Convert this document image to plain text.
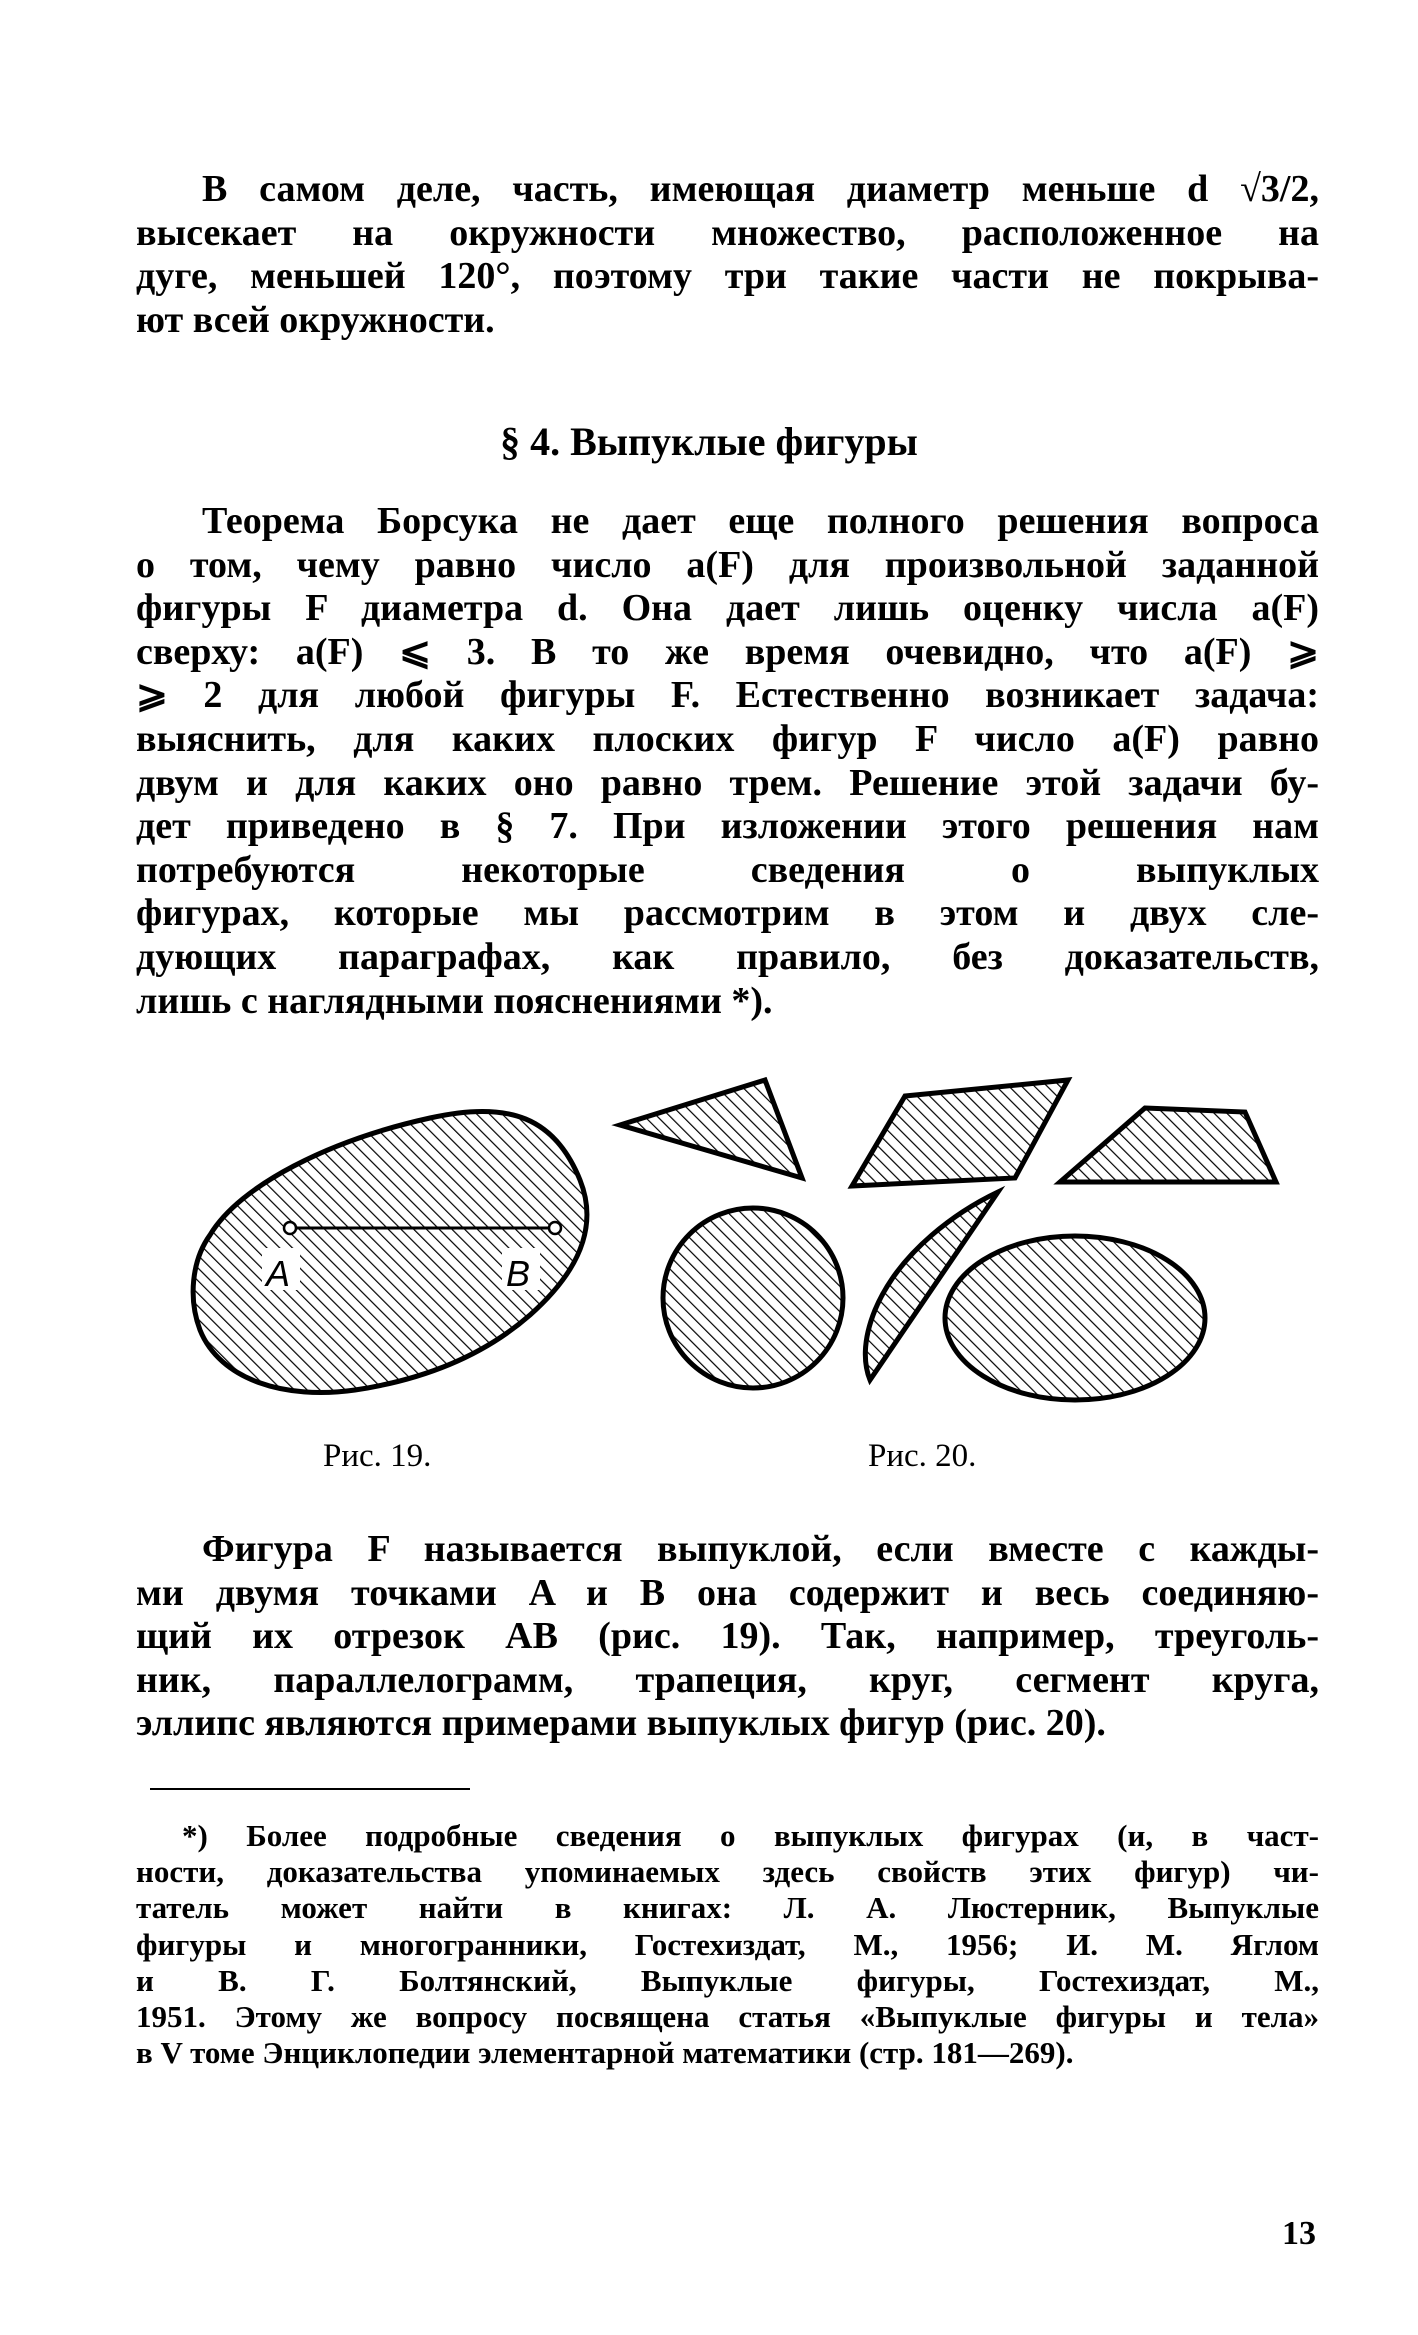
В самом деле, часть, имеющая диаметр меньше d √3/2,
высекает на окружности множество, расположенное на
дуге, меньшей 120°, поэтому три такие части не покрыва-
ют всей окружности.
§ 4. Выпуклые фигуры
Теорема Борсука не дает еще полного решения вопроса
о том, чему равно число a(F) для произвольной заданной
фигуры F диаметра d. Она дает лишь оценку числа a(F)
сверху: a(F) ⩽ 3. В то же время очевидно, что a(F) ⩾
⩾ 2 для любой фигуры F. Естественно возникает задача:
выяснить, для каких плоских фигур F число a(F) равно
двум и для каких оно равно трем. Решение этой задачи бу-
дет приведено в § 7. При изложении этого решения нам
потребуются некоторые сведения о выпуклых
фигурах, которые мы рассмотрим в этом и двух сле-
дующих параграфах, как правило, без доказательств,
лишь с наглядными пояснениями *).
A	B
Рис. 19.	Рис. 20.
Фигура F называется выпуклой, если вместе с кажды-
ми двумя точками A и B она содержит и весь соединяю-
щий их отрезок AB (рис. 19). Так, например, треуголь-
ник, параллелограмм, трапеция, круг, сегмент круга,
эллипс являются примерами выпуклых фигур (рис. 20).
*) Более подробные сведения о выпуклых фигурах (и, в част-
ности, доказательства упоминаемых здесь свойств этих фигур) чи-
татель может найти в книгах: Л. А. Люстерник, Выпуклые
фигуры и многогранники, Гостехиздат, М., 1956; И. М. Яглом
и В. Г. Болтянский, Выпуклые фигуры, Гостехиздат, М.,
1951. Этому же вопросу посвящена статья «Выпуклые фигуры и тела»
в V томе Энциклопедии элементарной математики (стр. 181—269).
13
